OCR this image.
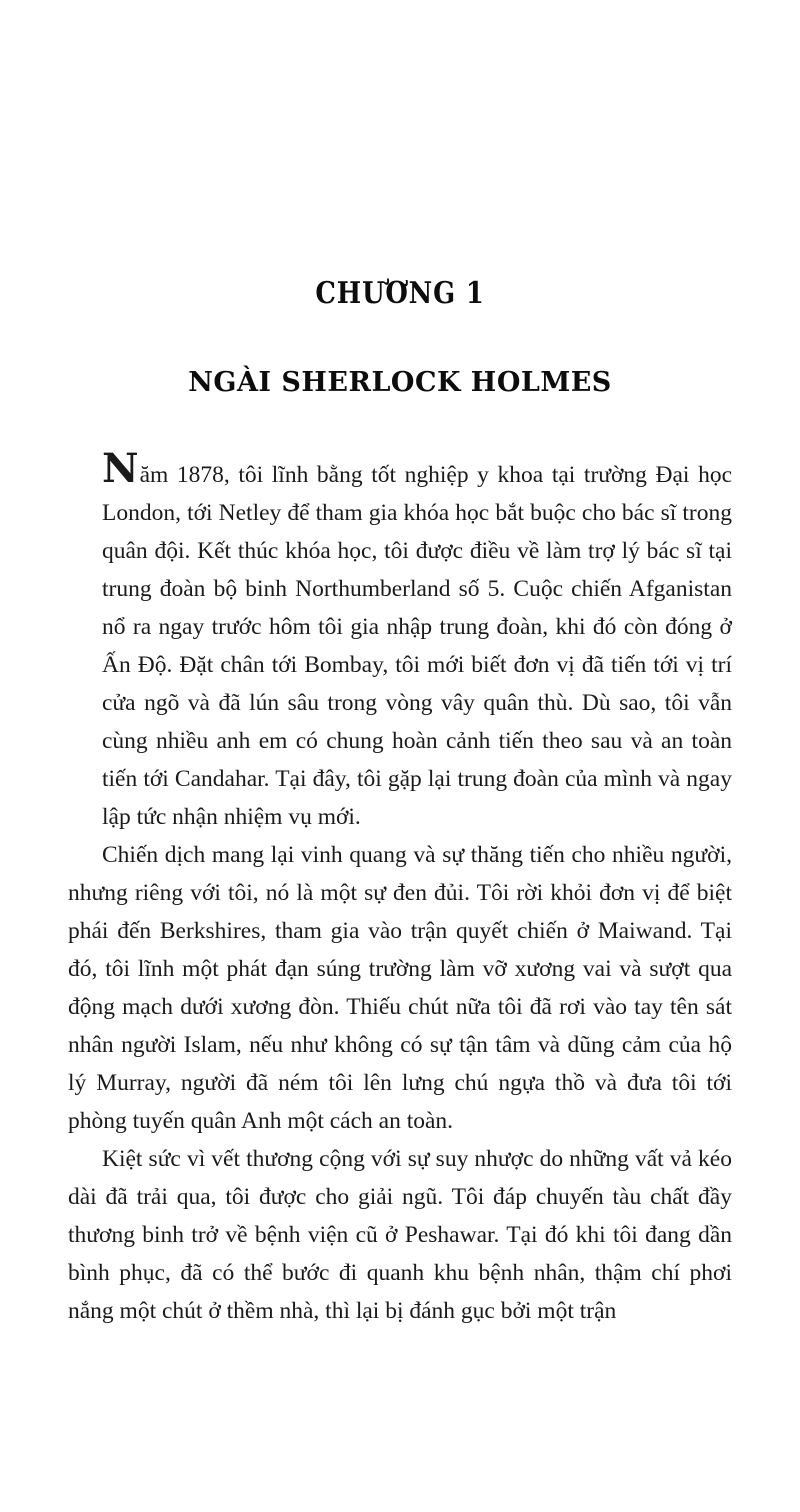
CHƯƠNG 1
NGÀI SHERLOCK HOLMES

Năm 1878, tôi lĩnh bằng tốt nghiệp y khoa tại trường Đại học London, tới Netley để tham gia khóa học bắt buộc cho bác sĩ trong quân đội. Kết thúc khóa học, tôi được điều về làm trợ lý bác sĩ tại trung đoàn bộ binh Northumberland số 5. Cuộc chiến Afganistan nổ ra ngay trước hôm tôi gia nhập trung đoàn, khi đó còn đóng ở Ấn Độ. Đặt chân tới Bombay, tôi mới biết đơn vị đã tiến tới vị trí cửa ngõ và đã lún sâu trong vòng vây quân thù. Dù sao, tôi vẫn cùng nhiều anh em có chung hoàn cảnh tiến theo sau và an toàn tiến tới Candahar. Tại đây, tôi gặp lại trung đoàn của mình và ngay lập tức nhận nhiệm vụ mới.

Chiến dịch mang lại vinh quang và sự thăng tiến cho nhiều người, nhưng riêng với tôi, nó là một sự đen đủi. Tôi rời khỏi đơn vị để biệt phái đến Berkshires, tham gia vào trận quyết chiến ở Maiwand. Tại đó, tôi lĩnh một phát đạn súng trường làm vỡ xương vai và sượt qua động mạch dưới xương đòn. Thiếu chút nữa tôi đã rơi vào tay tên sát nhân người Islam, nếu như không có sự tận tâm và dũng cảm của hộ lý Murray, người đã ném tôi lên lưng chú ngựa thồ và đưa tôi tới phòng tuyến quân Anh một cách an toàn.

Kiệt sức vì vết thương cộng với sự suy nhược do những vất vả kéo dài đã trải qua, tôi được cho giải ngũ. Tôi đáp chuyến tàu chất đầy thương binh trở về bệnh viện cũ ở Peshawar. Tại đó khi tôi đang dần bình phục, đã có thể bước đi quanh khu bệnh nhân, thậm chí phơi nắng một chút ở thềm nhà, thì lại bị đánh gục bởi một trận
